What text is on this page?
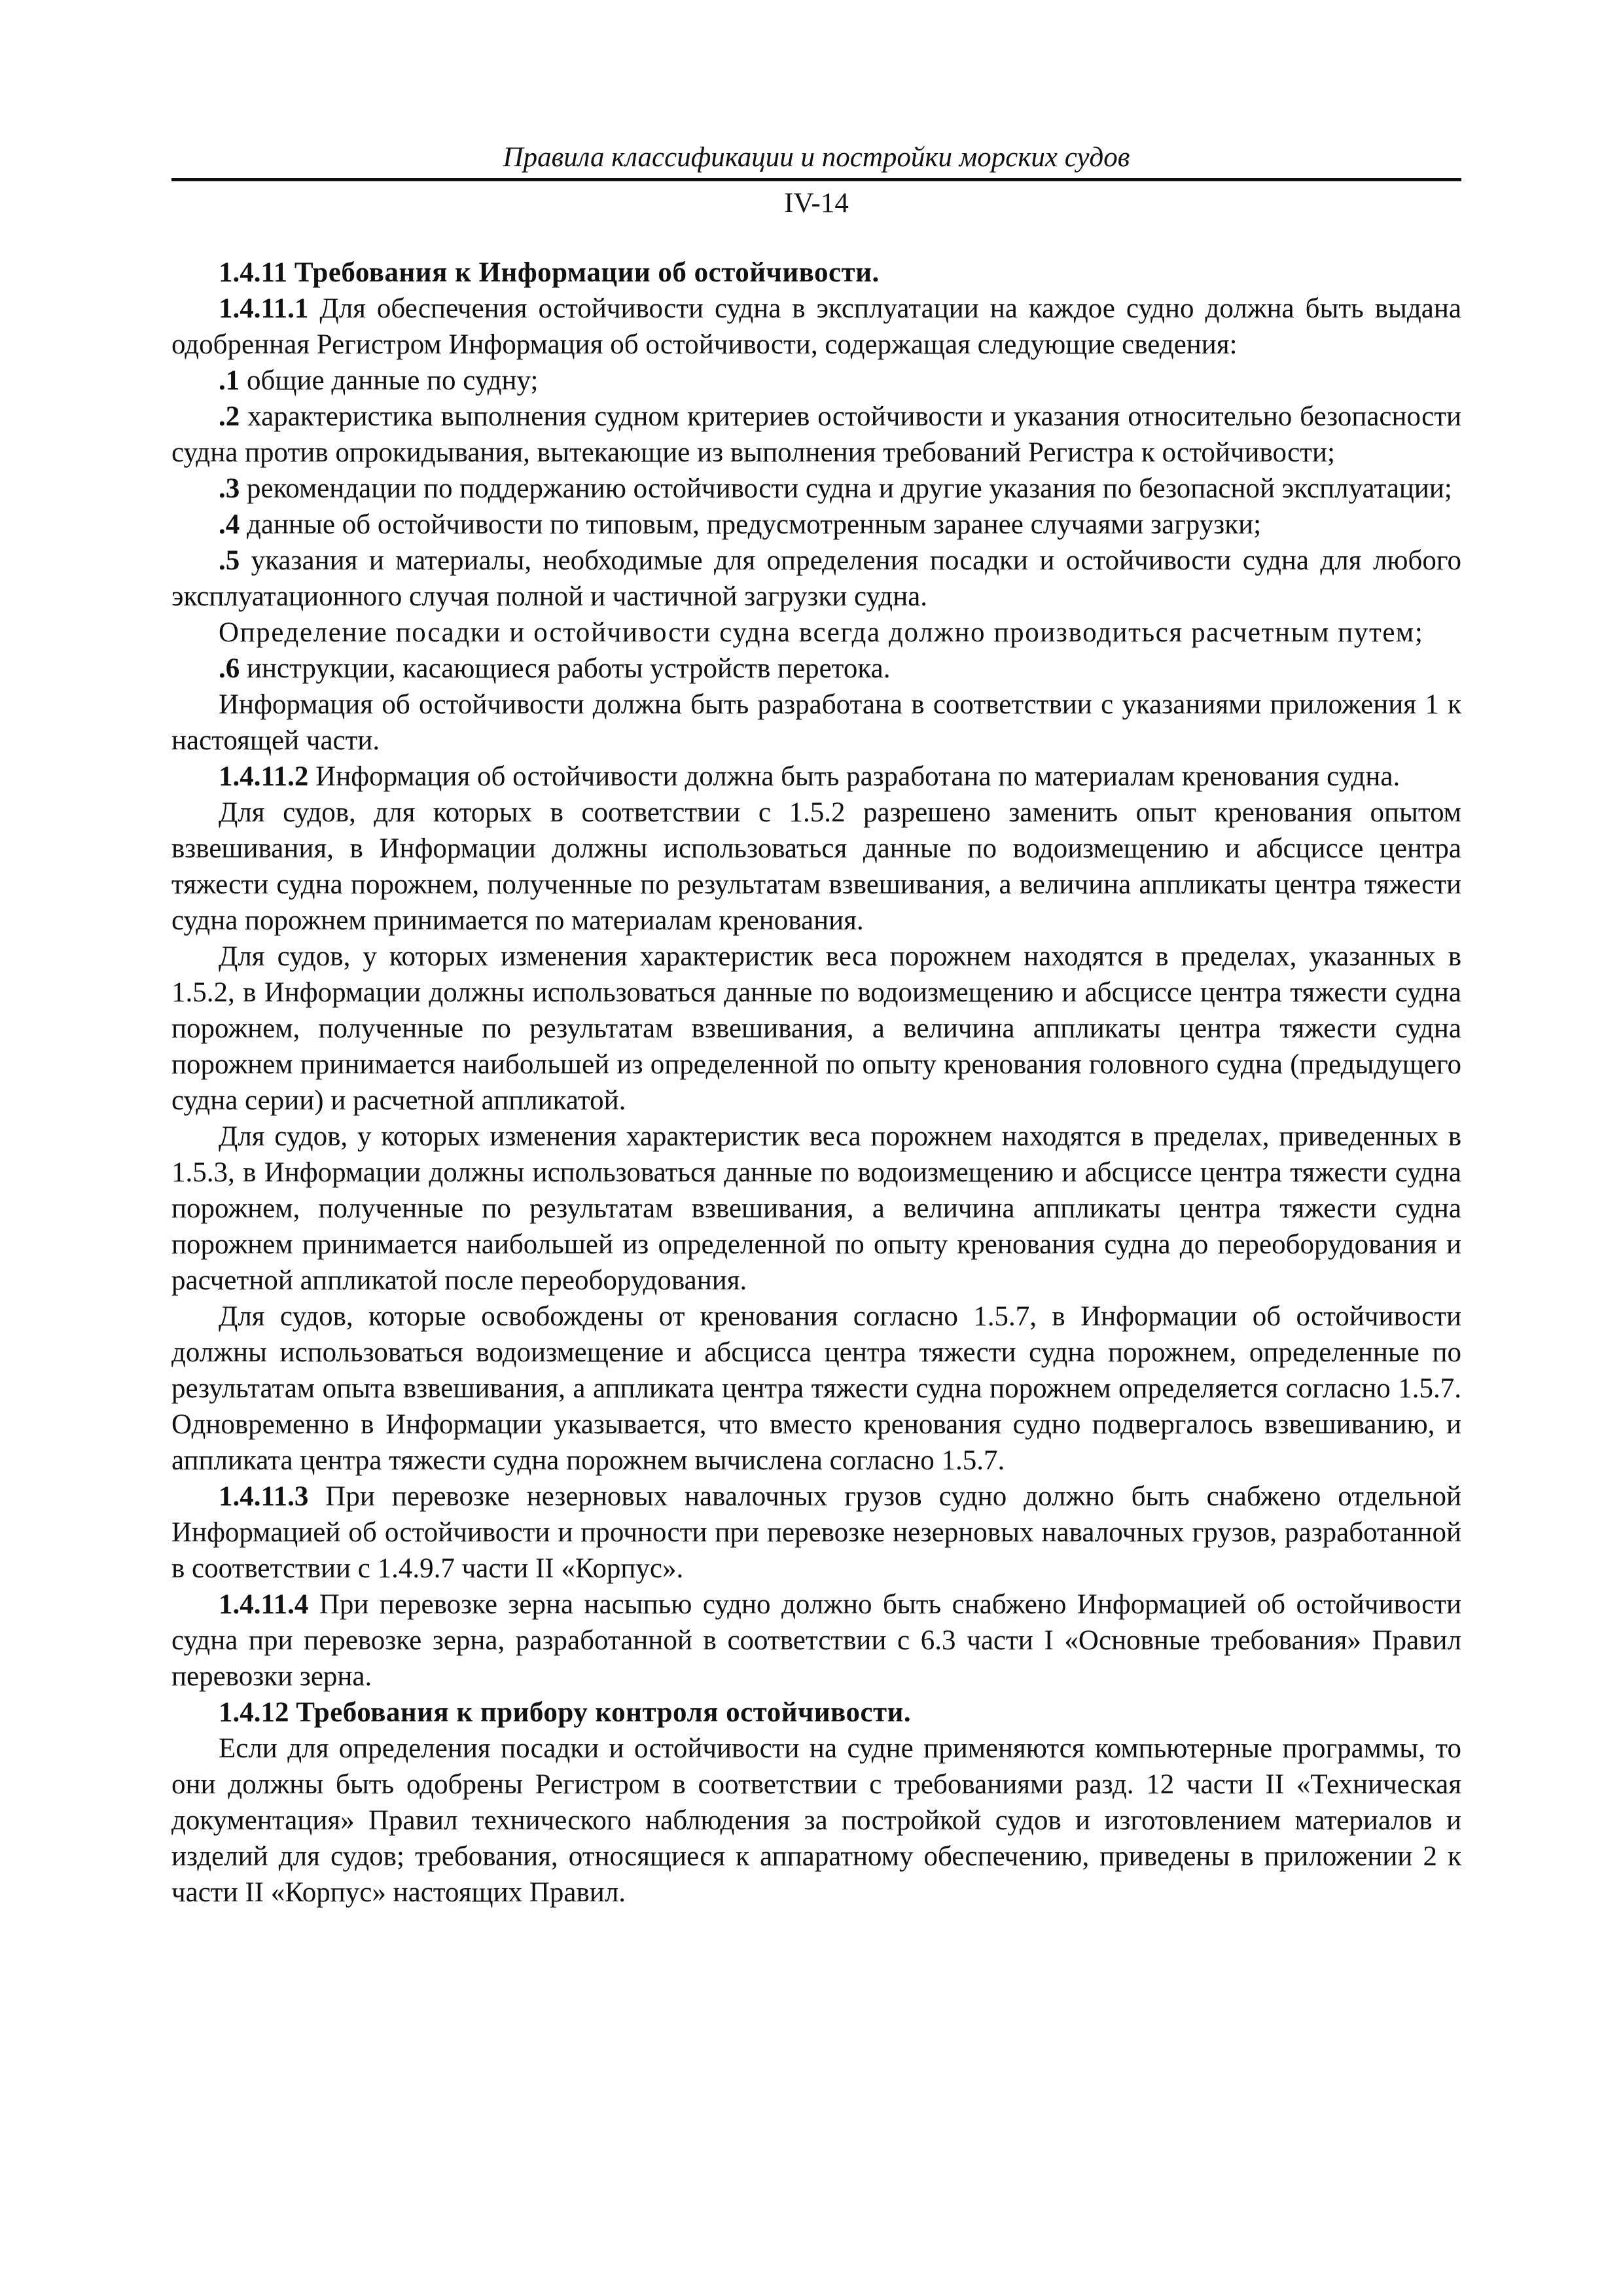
Правила классификации и постройки морских судов
IV-14

1.4.11 Требования к Информации об остойчивости.

1.4.11.1 Для обеспечения остойчивости судна в эксплуатации на каждое судно должна быть выдана одобренная Регистром Информация об остойчивости, содержащая следующие сведения:

.1 общие данные по судну;

.2 характеристика выполнения судном критериев остойчивости и указания относительно безопасности судна против опрокидывания, вытекающие из выполнения требований Регистра к остойчивости;

.3 рекомендации по поддержанию остойчивости судна и другие указания по безопасной эксплуатации;

.4 данные об остойчивости по типовым, предусмотренным заранее случаями загрузки;

.5 указания и материалы, необходимые для определения посадки и остойчивости судна для любого эксплуатационного случая полной и частичной загрузки судна.

Определение посадки и остойчивости судна всегда должно производиться расчетным путем;

.6 инструкции, касающиеся работы устройств перетока.

Информация об остойчивости должна быть разработана в соответствии с указаниями приложения 1 к настоящей части.

1.4.11.2 Информация об остойчивости должна быть разработана по материалам кренования судна.

Для судов, для которых в соответствии с 1.5.2 разрешено заменить опыт кренования опытом взвешивания, в Информации должны использоваться данные по водоизмещению и абсциссе центра тяжести судна порожнем, полученные по результатам взвешивания, а величина аппликаты центра тяжести судна порожнем принимается по материалам кренования.

Для судов, у которых изменения характеристик веса порожнем находятся в пределах, указанных в 1.5.2, в Информации должны использоваться данные по водоизмещению и абсциссе центра тяжести судна порожнем, полученные по результатам взвешивания, а величина аппликаты центра тяжести судна порожнем принимается наибольшей из определенной по опыту кренования головного судна (предыдущего судна серии) и расчетной аппликатой.

Для судов, у которых изменения характеристик веса порожнем находятся в пределах, приведенных в 1.5.3, в Информации должны использоваться данные по водоизмещению и абсциссе центра тяжести судна порожнем, полученные по результатам взвешивания, а величина аппликаты центра тяжести судна порожнем принимается наибольшей из определенной по опыту кренования судна до переоборудования и расчетной аппликатой после переоборудования.

Для судов, которые освобождены от кренования согласно 1.5.7, в Информации об остойчивости должны использоваться водоизмещение и абсцисса центра тяжести судна порожнем, определенные по результатам опыта взвешивания, а аппликата центра тяжести судна порожнем определяется согласно 1.5.7. Одновременно в Информации указывается, что вместо кренования судно подвергалось взвешиванию, и аппликата центра тяжести судна порожнем вычислена согласно 1.5.7.

1.4.11.3 При перевозке незерновых навалочных грузов судно должно быть снабжено отдельной Информацией об остойчивости и прочности при перевозке незерновых навалочных грузов, разработанной в соответствии с 1.4.9.7 части II «Корпус».

1.4.11.4 При перевозке зерна насыпью судно должно быть снабжено Информацией об остойчивости судна при перевозке зерна, разработанной в соответствии с 6.3 части I «Основные требования» Правил перевозки зерна.

1.4.12 Требования к прибору контроля остойчивости.

Если для определения посадки и остойчивости на судне применяются компьютерные программы, то они должны быть одобрены Регистром в соответствии с требованиями разд. 12 части II «Техническая документация» Правил технического наблюдения за постройкой судов и изготовлением материалов и изделий для судов; требования, относящиеся к аппаратному обеспечению, приведены в приложении 2 к части II «Корпус» настоящих Правил.
